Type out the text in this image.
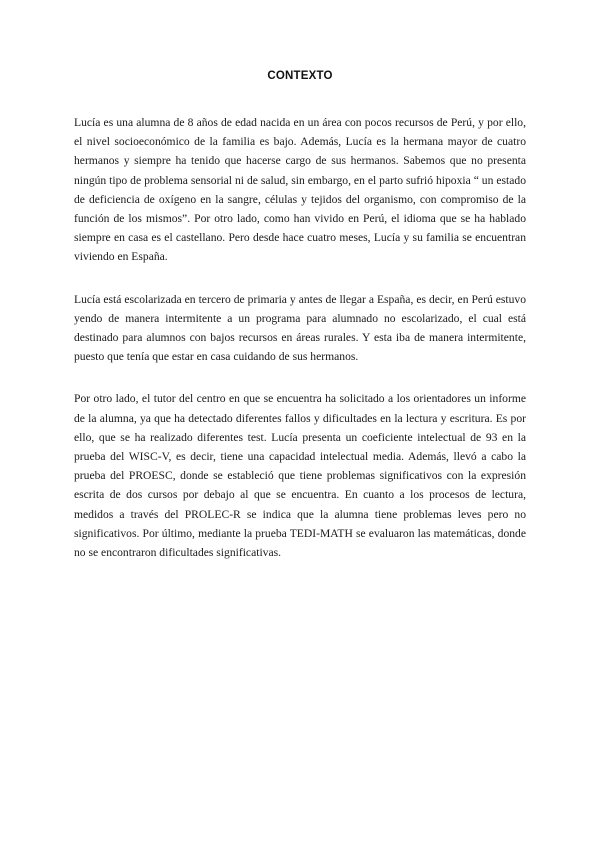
CONTEXTO

Lucía es una alumna de 8 años de edad nacida en un área con pocos recursos de Perú, y por ello, el nivel socioeconómico de la familia es bajo. Además, Lucía es la hermana mayor de cuatro hermanos y siempre ha tenido que hacerse cargo de sus hermanos. Sabemos que no presenta ningún tipo de problema sensorial ni de salud, sin embargo, en el parto sufrió hipoxia “ un estado de deficiencia de oxígeno en la sangre, células y tejidos del organismo, con compromiso de la función de los mismos”. Por otro lado, como han vivido en Perú, el idioma que se ha hablado siempre en casa es el castellano. Pero desde hace cuatro meses, Lucía y su familia se encuentran viviendo en España.

Lucía está escolarizada en tercero de primaria y antes de llegar a España, es decir, en Perú estuvo yendo de manera intermitente a un programa para alumnado no escolarizado, el cual está destinado para alumnos con bajos recursos en áreas rurales. Y esta iba de manera intermitente, puesto que tenía que estar en casa cuidando de sus hermanos.

Por otro lado, el tutor del centro en que se encuentra ha solicitado a los orientadores un informe de la alumna, ya que ha detectado diferentes fallos y dificultades en la lectura y escritura. Es por ello, que se ha realizado diferentes test. Lucía presenta un coeficiente intelectual de 93 en la prueba del WISC-V, es decir, tiene una capacidad intelectual media. Además, llevó a cabo la prueba del PROESC, donde se estableció que tiene problemas significativos con la expresión escrita de dos cursos por debajo al que se encuentra. En cuanto a los procesos de lectura, medidos a través del PROLEC-R se indica que la alumna tiene problemas leves pero no significativos. Por último, mediante la prueba TEDI-MATH se evaluaron las matemáticas, donde no se encontraron dificultades significativas.
